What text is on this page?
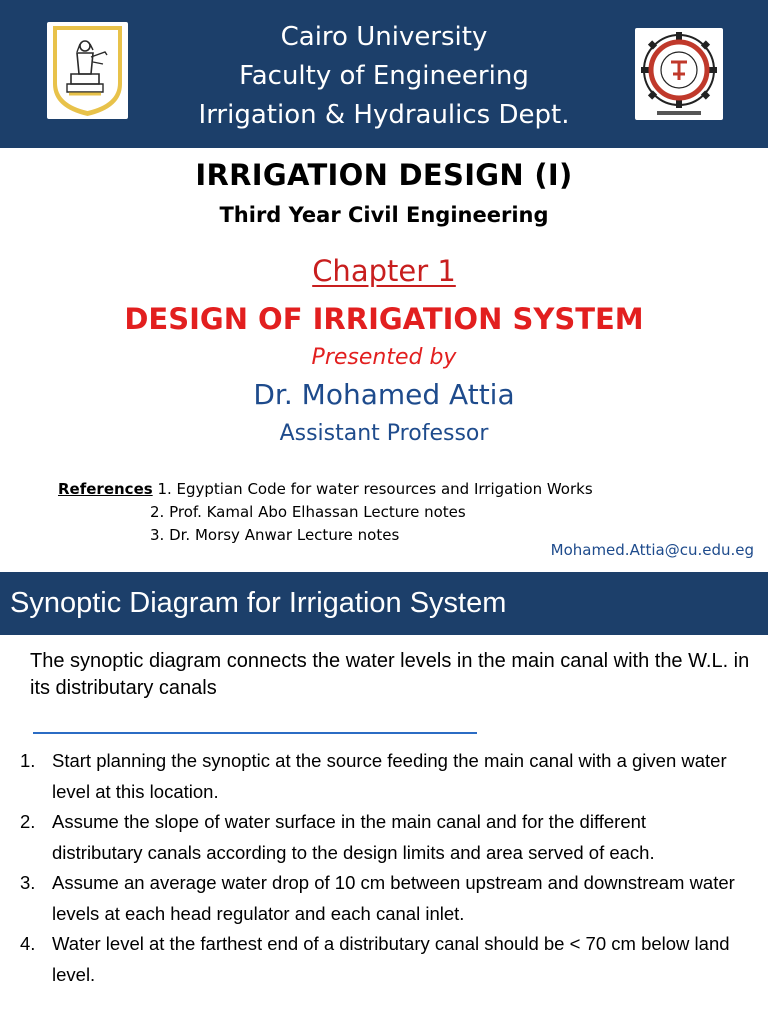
Cairo University
Faculty of Engineering
Irrigation & Hydraulics Dept.
IRRIGATION DESIGN (I)
Third Year Civil Engineering
Chapter 1
DESIGN OF IRRIGATION SYSTEM
Presented by
Dr. Mohamed Attia
Assistant Professor
References 1. Egyptian Code for water resources and Irrigation Works
2. Prof. Kamal Abo Elhassan Lecture notes
3. Dr. Morsy Anwar Lecture notes
Mohamed.Attia@cu.edu.eg
Synoptic Diagram for Irrigation System
The synoptic diagram connects the water levels in the main canal with the W.L. in its distributary canals
1. Start planning the synoptic at the source feeding the main canal with a given water level at this location.
2. Assume the slope of water surface in the main canal and for the different distributary canals according to the design limits and area served of each.
3. Assume an average water drop of 10 cm between upstream and downstream water levels at each head regulator and each canal inlet.
4. Water level at the farthest end of a distributary canal should be < 70 cm below land level.
